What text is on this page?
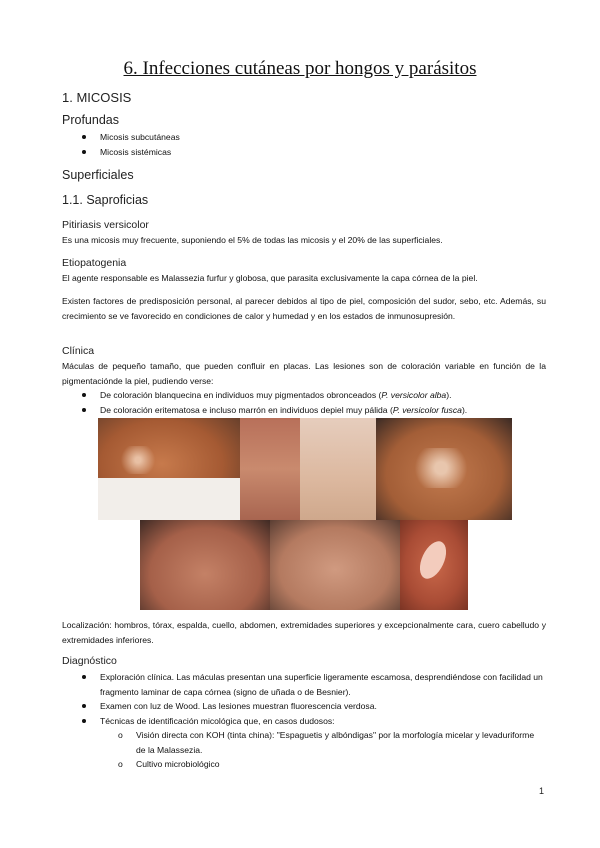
6. Infecciones cutáneas por hongos y parásitos
1. MICOSIS
Profundas
Micosis subcutáneas
Micosis sistémicas
Superficiales
1.1. Saproficias
Pitiriasis versicolor

Es una micosis muy frecuente, suponiendo el 5% de todas las micosis y el 20% de las superficiales.

Etiopatogenia

El agente responsable es Malassezia furfur y globosa, que parasita exclusivamente la capa córnea de la piel.

Existen factores de predisposición personal, al parecer debidos al tipo de piel, composición del sudor, sebo, etc. Además, su crecimiento se ve favorecido en condiciones de calor y humedad y en los estados de inmunosupresión.

Clínica

Máculas de pequeño tamaño, que pueden confluir en placas. Las lesiones son de coloración variable en función de la pigmentaciónde la piel, pudiendo verse:

De coloración blanquecina en individuos muy pigmentados obronceados (P. versicolor alba).
De coloración eritematosa e incluso marrón en individuos depiel muy pálida (P. versicolor fusca).

Localización: hombros, tórax, espalda, cuello, abdomen, extremidades superiores y excepcionalmente cara, cuero cabelludo y extremidades inferiores.

Diagnóstico
Exploración clínica. Las máculas presentan una superficie ligeramente escamosa, desprendiéndose con facilidad un fragmento laminar de capa córnea (signo de uñada o de Besnier).
Examen con luz de Wood. Las lesiones muestran fluorescencia verdosa.
Técnicas de identificación micológica que, en casos dudosos:
o Visión directa con KOH (tinta china): "Espaguetis y albóndigas" por la morfología micelar y levaduriforme de la Malassezia.
o Cultivo microbiológico
1
